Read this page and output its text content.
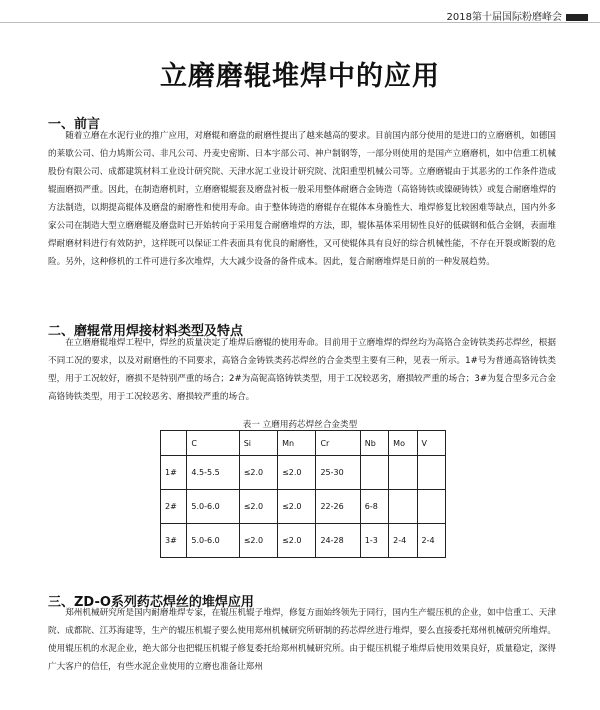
2018第十届国际粉磨峰会
立磨磨辊堆焊中的应用
一、前言

随着立磨在水泥行业的推广应用，对磨辊和磨盘的耐磨性提出了越来越高的要求。目前国内部分使用的是进口的立磨磨机，如德国的莱歇公司、伯力鸠斯公司、非凡公司、丹麦史密斯、日本宇部公司、神户制钢等，一部分则使用的是国产立磨磨机，如中信重工机械股份有限公司、成都建筑材料工业设计研究院、天津水泥工业设计研究院、沈阳重型机械公司等。立磨磨辊由于其恶劣的工作条件造成辊面磨损严重。因此，在制造磨机时，立磨磨辊辊套及磨盘衬板一般采用整体耐磨合金铸造（高铬铸铁或镍硬铸铁）或复合耐磨堆焊的方法制造，以期提高辊体及磨盘的耐磨性和使用寿命。由于整体铸造的磨辊存在辊体本身脆性大、堆焊修复比较困难等缺点，国内外多家公司在制造大型立磨磨辊及磨盘时已开始转向于采用复合耐磨堆焊的方法，即，辊体基体采用韧性良好的低碳钢和低合金钢，表面堆焊耐磨材料进行有效防护，这样既可以保证工件表面具有优良的耐磨性，又可使辊体具有良好的综合机械性能，不存在开裂或断裂的危险。另外，这种修机的工件可进行多次堆焊，大大减少设备的备件成本。因此，复合耐磨堆焊是日前的一种发展趋势。

二、磨辊常用焊接材料类型及特点

在立磨磨辊堆焊工程中，焊丝的质量决定了堆焊后磨辊的使用寿命。目前用于立磨堆焊的焊丝均为高铬合金铸铁类药芯焊丝，根据不同工况的要求，以及对耐磨性的不同要求，高铬合金铸铁类药芯焊丝的合金类型主要有三种，见表一所示。1#号为普通高铬铸铁类型，用于工况较好，磨损不是特别严重的场合；2#为高铌高铬铸铁类型，用于工况较恶劣，磨损较严重的场合；3#为复合型多元合金高铬铸铁类型，用于工况较恶劣、磨损较严重的场合。

表一 立磨用药芯焊丝合金类型
	C	Si	Mn	Cr	Nb	Mo	V
1#	4.5-5.5	≤2.0	≤2.0	25-30			
2#	5.0-6.0	≤2.0	≤2.0	22-26	6-8		
3#	5.0-6.0	≤2.0	≤2.0	24-28	1-3	2-4	2-4
三、ZD-O系列药芯焊丝的堆焊应用

郑州机械研究所是国内耐磨堆焊专家，在辊压机辊子堆焊，修复方面始终领先于同行，国内生产辊压机的企业，如中信重工、天津院、成都院、江苏海建等，生产的辊压机辊子要么使用郑州机械研究所研制的药芯焊丝进行堆焊，要么直接委托郑州机械研究所堆焊。使用辊压机的水泥企业，绝大部分也把辊压机辊子修复委托给郑州机械研究所。由于辊压机辊子堆焊后使用效果良好，质量稳定，深得广大客户的信任，有些水泥企业使用的立磨也准备让郑州
